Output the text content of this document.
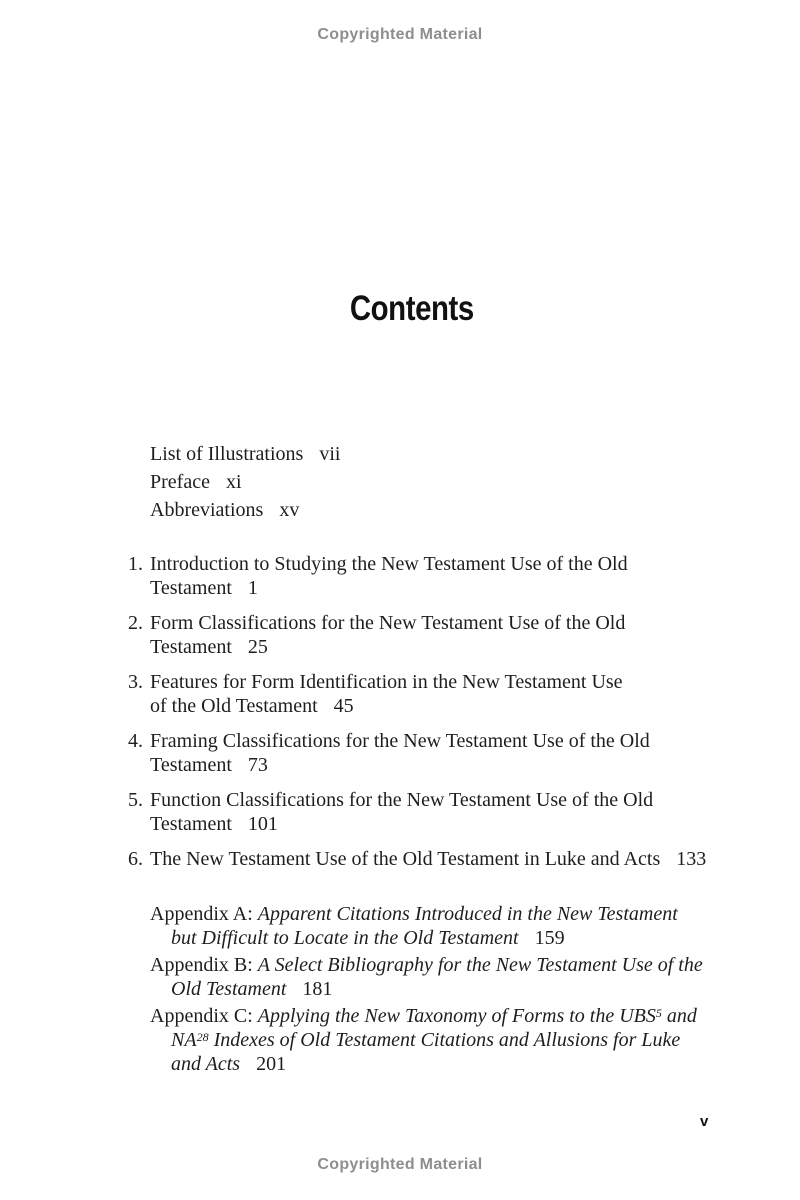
Copyrighted Material
Contents
List of Illustrations vii
Preface xi
Abbreviations xv
1. Introduction to Studying the New Testament Use of the Old
Testament 1
2. Form Classifications for the New Testament Use of the Old
Testament 25
3. Features for Form Identification in the New Testament Use
of the Old Testament 45
4. Framing Classifications for the New Testament Use of the Old
Testament 73
5. Function Classifications for the New Testament Use of the Old
Testament 101
6. The New Testament Use of the Old Testament in Luke and Acts 133
Appendix A: Apparent Citations Introduced in the New Testament
but Difficult to Locate in the Old Testament 159
Appendix B: A Select Bibliography for the New Testament Use of the
Old Testament 181
Appendix C: Applying the New Taxonomy of Forms to the UBS$^5$ and
NA$^{28}$ Indexes of Old Testament Citations and Allusions for Luke
and Acts 201
v
Copyrighted Material
